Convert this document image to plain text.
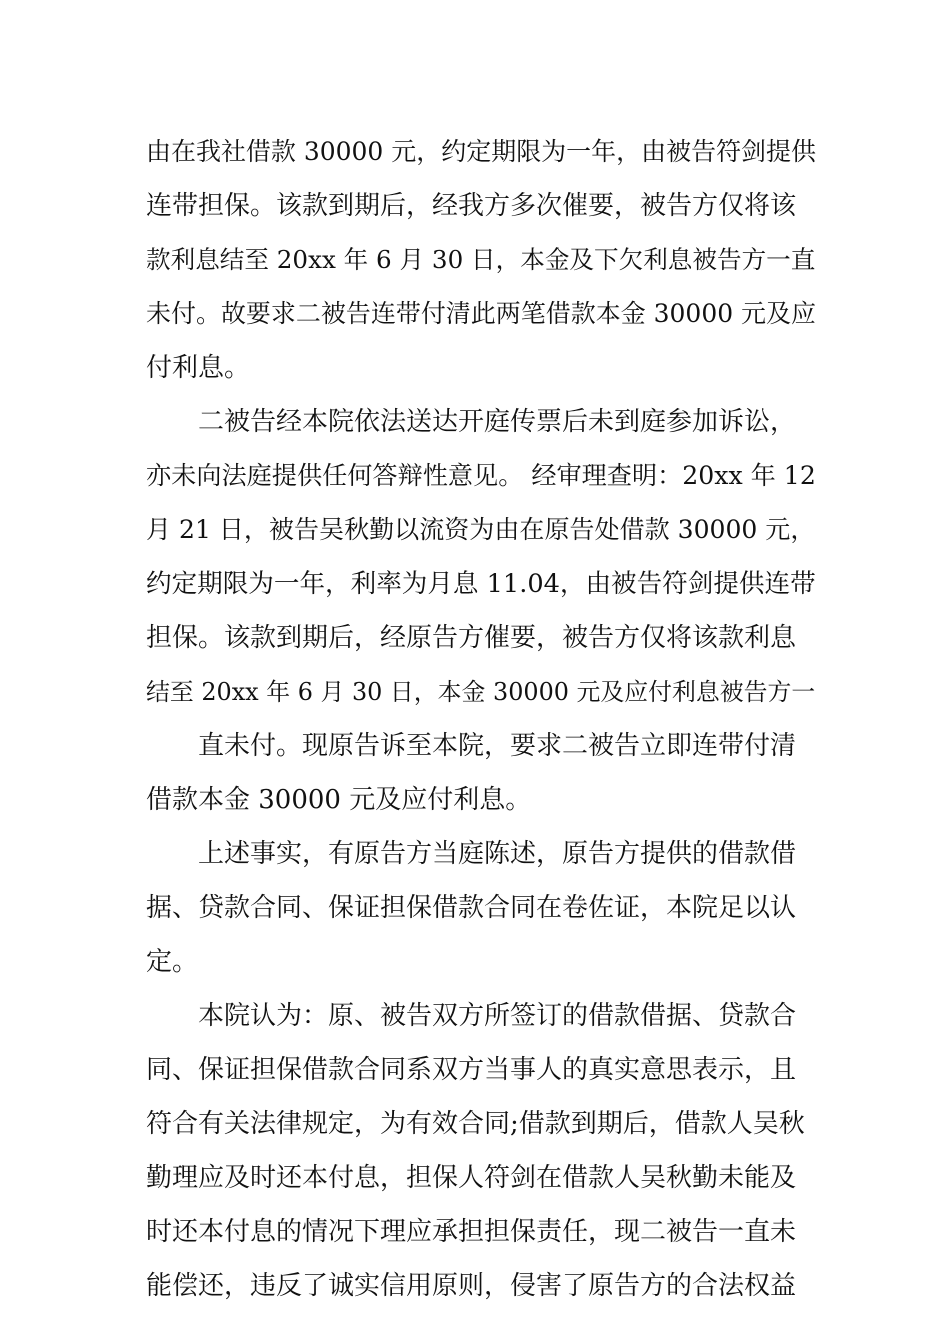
由在我社借款 30000 元，约定期限为一年，由被告符剑提供
连带担保。该款到期后，经我方多次催要，被告方仅将该
款利息结至 20xx 年 6 月 30 日，本金及下欠利息被告方一直
未付。故要求二被告连带付清此两笔借款本金 30000 元及应
付利息。
二被告经本院依法送达开庭传票后未到庭参加诉讼，
亦未向法庭提供任何答辩性意见。 经审理查明：20xx 年 12
月 21 日，被告吴秋勤以流资为由在原告处借款 30000 元，
约定期限为一年，利率为月息 11.04，由被告符剑提供连带
担保。该款到期后，经原告方催要，被告方仅将该款利息
结至 20xx 年 6 月 30 日，本金 30000 元及应付利息被告方一
直未付。现原告诉至本院，要求二被告立即连带付清
借款本金 30000 元及应付利息。
上述事实，有原告方当庭陈述，原告方提供的借款借
据、贷款合同、保证担保借款合同在卷佐证，本院足以认
定。
本院认为：原、被告双方所签订的借款借据、贷款合
同、保证担保借款合同系双方当事人的真实意思表示，且
符合有关法律规定，为有效合同;借款到期后，借款人吴秋
勤理应及时还本付息，担保人符剑在借款人吴秋勤未能及
时还本付息的情况下理应承担担保责任，现二被告一直未
能偿还，违反了诚实信用原则，侵害了原告方的合法权益
